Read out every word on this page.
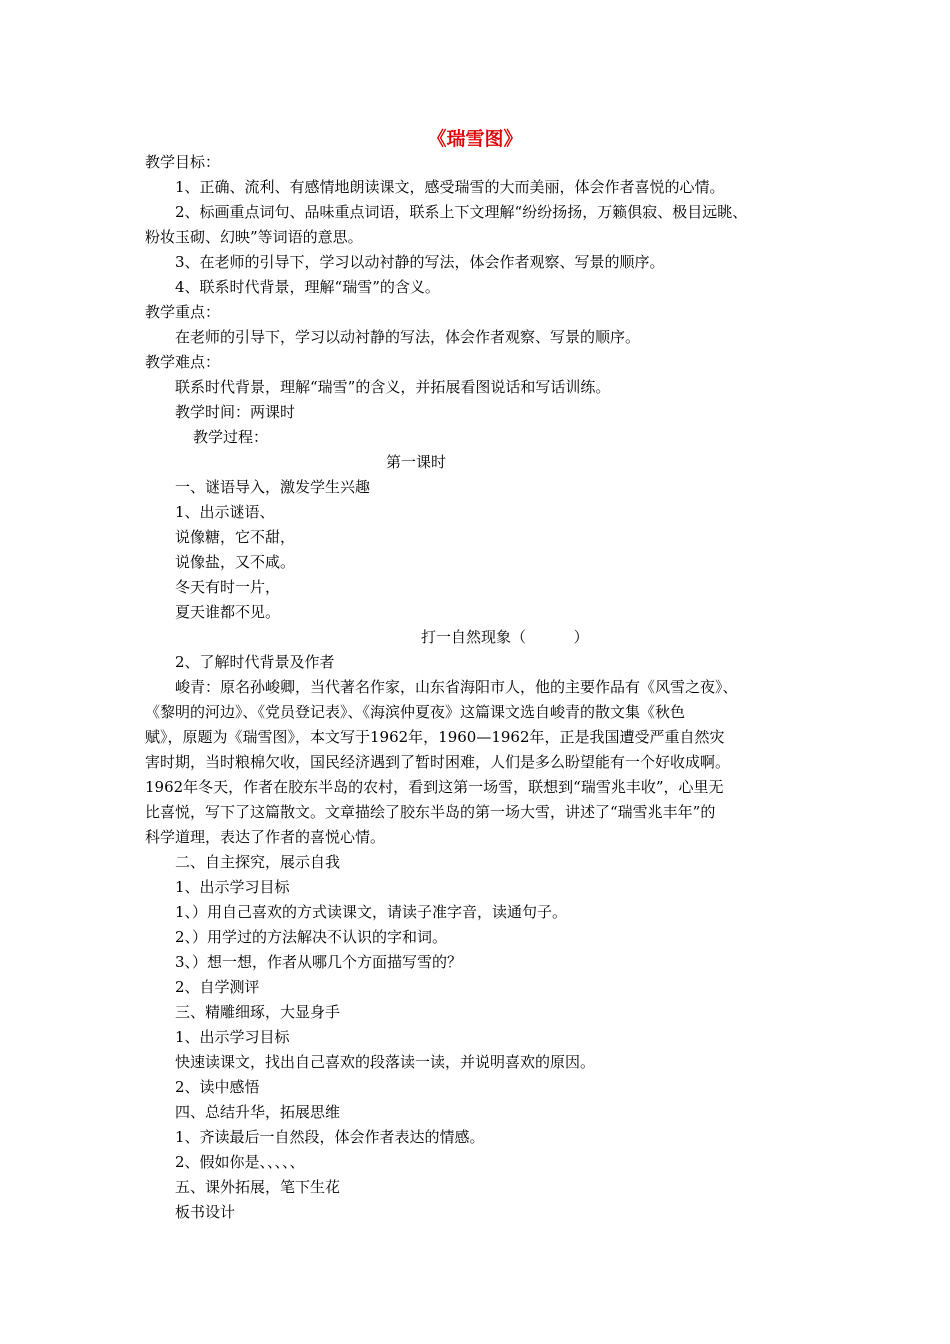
《瑞雪图》
教学目标：
1、正确、流利、有感情地朗读课文，感受瑞雪的大而美丽，体会作者喜悦的心情。
2、标画重点词句、品味重点词语，联系上下文理解“纷纷扬扬，万籁俱寂、极目远眺、
粉妆玉砌、幻映”等词语的意思。
3、在老师的引导下，学习以动衬静的写法，体会作者观察、写景的顺序。
4、联系时代背景，理解“瑞雪”的含义。
教学重点：
在老师的引导下，学习以动衬静的写法，体会作者观察、写景的顺序。
教学难点：
联系时代背景，理解“瑞雪”的含义，并拓展看图说话和写话训练。
教学时间：两课时
教学过程：
第一课时
一、谜语导入，激发学生兴趣
1、出示谜语、
说像糖，它不甜，
说像盐，又不咸。
冬天有时一片，
夏天谁都不见。
打一自然现象（          ）
2、了解时代背景及作者
峻青：原名孙峻卿，当代著名作家，山东省海阳市人，他的主要作品有《风雪之夜》、
《黎明的河边》、《党员登记表》、《海滨仲夏夜》这篇课文选自峻青的散文集《秋色
赋》，原题为《瑞雪图》，本文写于1962年，1960—1962年，正是我国遭受严重自然灾
害时期，当时粮棉欠收，国民经济遇到了暂时困难，人们是多么盼望能有一个好收成啊。
1962年冬天，作者在胶东半岛的农村，看到这第一场雪，联想到“瑞雪兆丰收”，心里无
比喜悦，写下了这篇散文。文章描绘了胶东半岛的第一场大雪，讲述了“瑞雪兆丰年”的
科学道理，表达了作者的喜悦心情。
二、自主探究，展示自我
1、出示学习目标
1、）用自己喜欢的方式读课文，请读子准字音，读通句子。
2、）用学过的方法解决不认识的字和词。
3、）想一想，作者从哪几个方面描写雪的？
2、自学测评
三、精雕细琢，大显身手
1、出示学习目标
快速读课文，找出自己喜欢的段落读一读，并说明喜欢的原因。
2、读中感悟
四、总结升华，拓展思维
1、齐读最后一自然段，体会作者表达的情感。
2、假如你是、、、、、
五、课外拓展，笔下生花
板书设计
